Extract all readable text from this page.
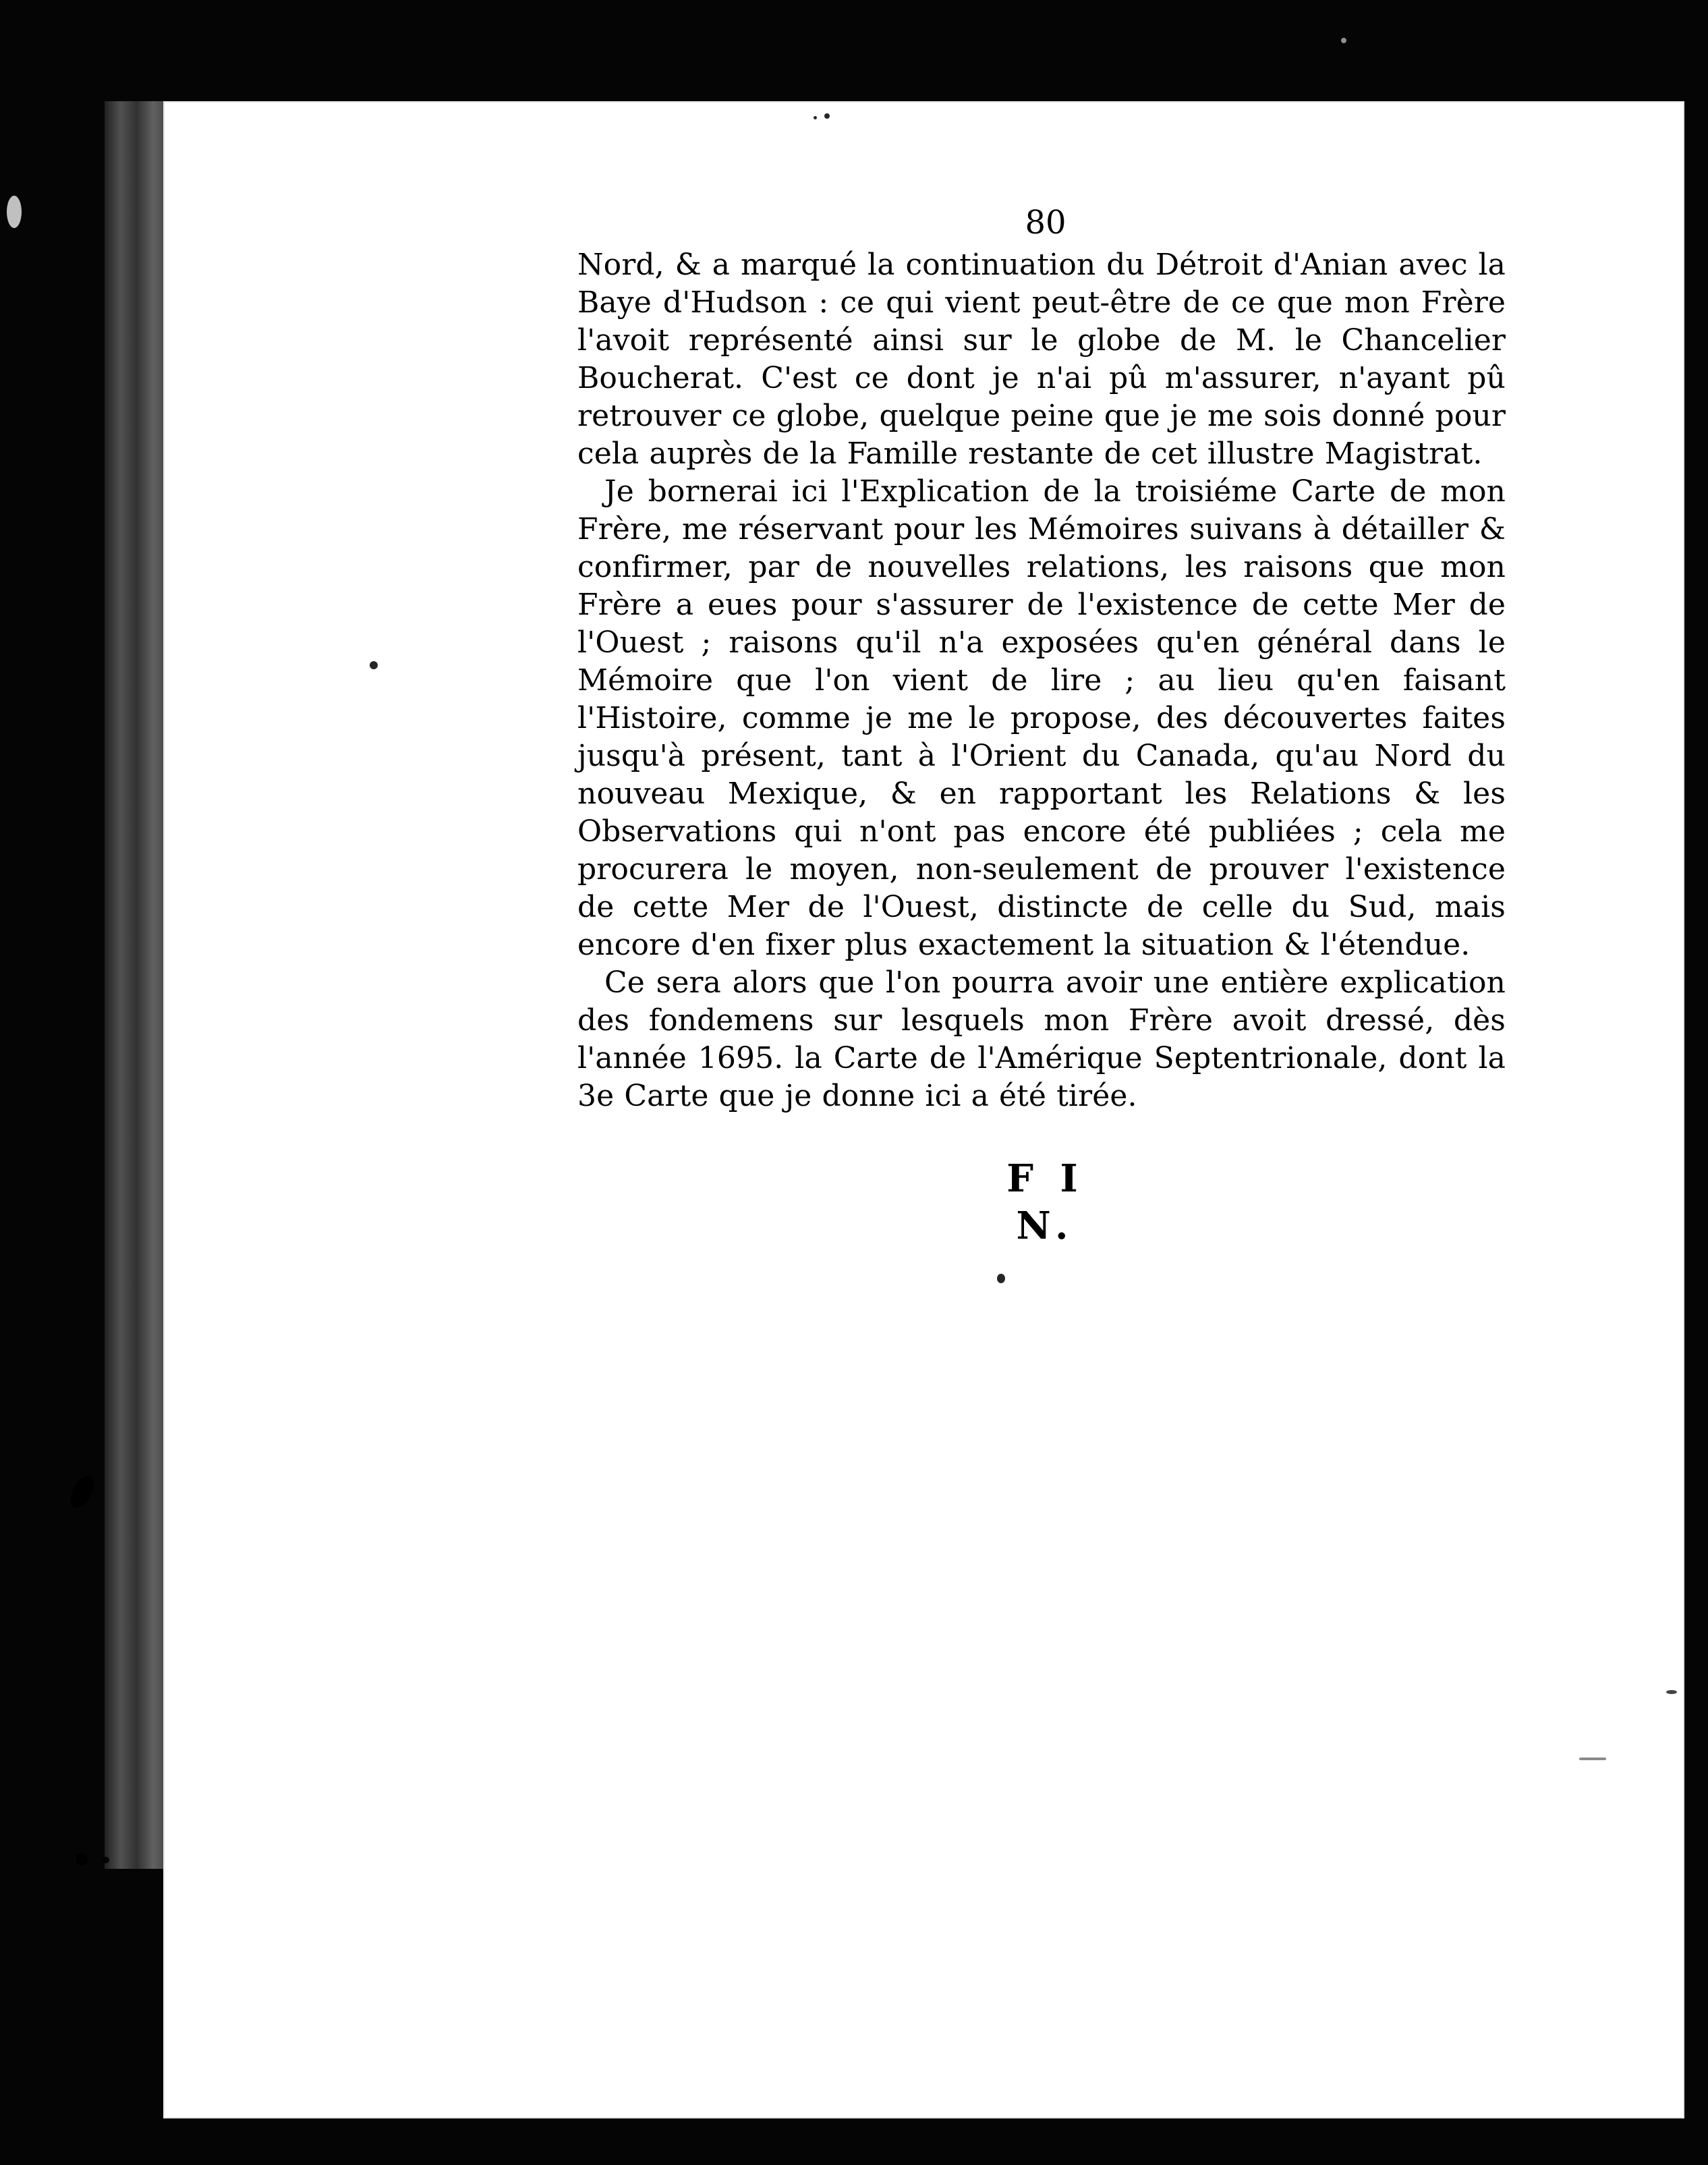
80

Nord, & a marqué la continuation du Détroit d'Anian avec la Baye d'Hudson : ce qui vient peut-être de ce que mon Frère l'avoit représenté ainsi sur le globe de M. le Chancelier Boucherat. C'est ce dont je n'ai pû m'assurer, n'ayant pû retrouver ce globe, quelque peine que je me sois donné pour cela auprès de la Famille restante de cet illustre Magistrat.

Je bornerai ici l'Explication de la troisiéme Carte de mon Frère, me réservant pour les Mémoires suivans à détailler & confirmer, par de nouvelles relations, les raisons que mon Frère a eues pour s'assurer de l'existence de cette Mer de l'Ouest ; raisons qu'il n'a exposées qu'en général dans le Mémoire que l'on vient de lire ; au lieu qu'en faisant l'Histoire, comme je me le propose, des découvertes faites jusqu'à présent, tant à l'Orient du Canada, qu'au Nord du nouveau Mexique, & en rapportant les Relations & les Observations qui n'ont pas encore été publiées ; cela me procurera le moyen, non-seulement de prouver l'existence de cette Mer de l'Ouest, distincte de celle du Sud, mais encore d'en fixer plus exactement la situation & l'étendue.

Ce sera alors que l'on pourra avoir une entière explication des fondemens sur lesquels mon Frère avoit dressé, dès l'année 1695. la Carte de l'Amérique Septentrionale, dont la 3e Carte que je donne ici a été tirée.

F I N.
